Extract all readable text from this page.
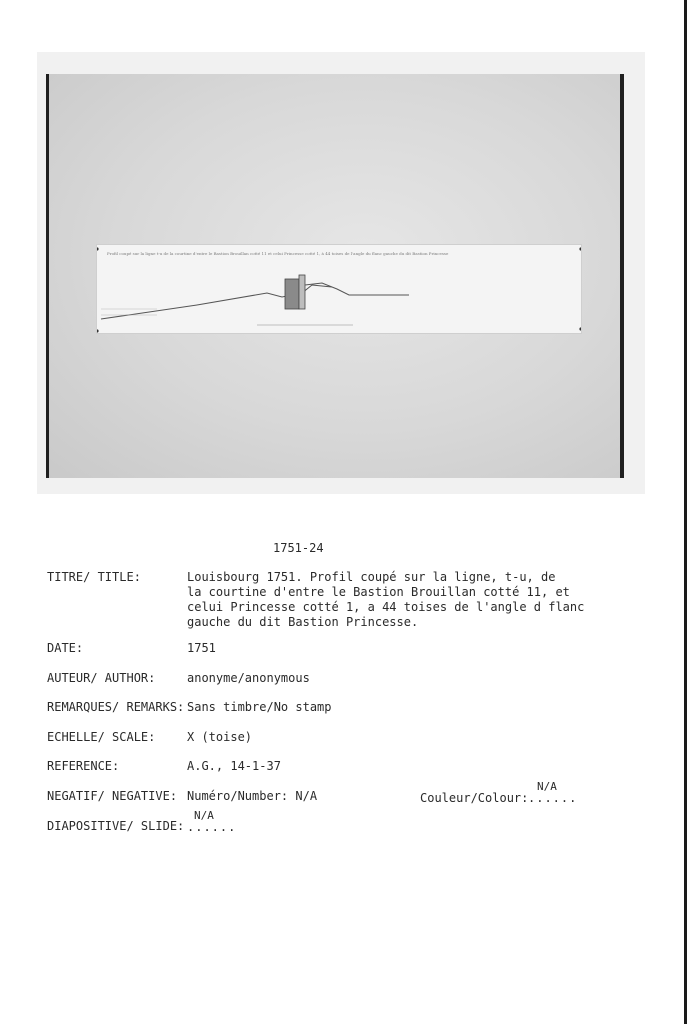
Profil coupé sur la ligne t-u de la courtine d'entre le Bastion Brouillan cotté 11 et celui Princesse cotté 1, à 44 toises de l'angle du flanc gauche du dit Bastion Princesse
1751-24
TITRE/ TITLE:	Louisbourg 1751. Profil coupé sur la ligne, t-u, de
la courtine d'entre le Bastion Brouillan cotté 11, et
celui Princesse cotté 1, a 44 toises de l'angle d flanc
gauche du dit Bastion Princesse.
DATE:	1751
AUTEUR/ AUTHOR:	anonyme/anonymous
REMARQUES/ REMARKS: Sans timbre/No stamp
ECHELLE/ SCALE:	X (toise)
REFERENCE:	A.G., 14-1-37
NEGATIF/ NEGATIVE: Numéro/Number: N/A	Couleur/Colour:
N/A
......
DIAPOSITIVE/ SLIDE:
N/A
......
